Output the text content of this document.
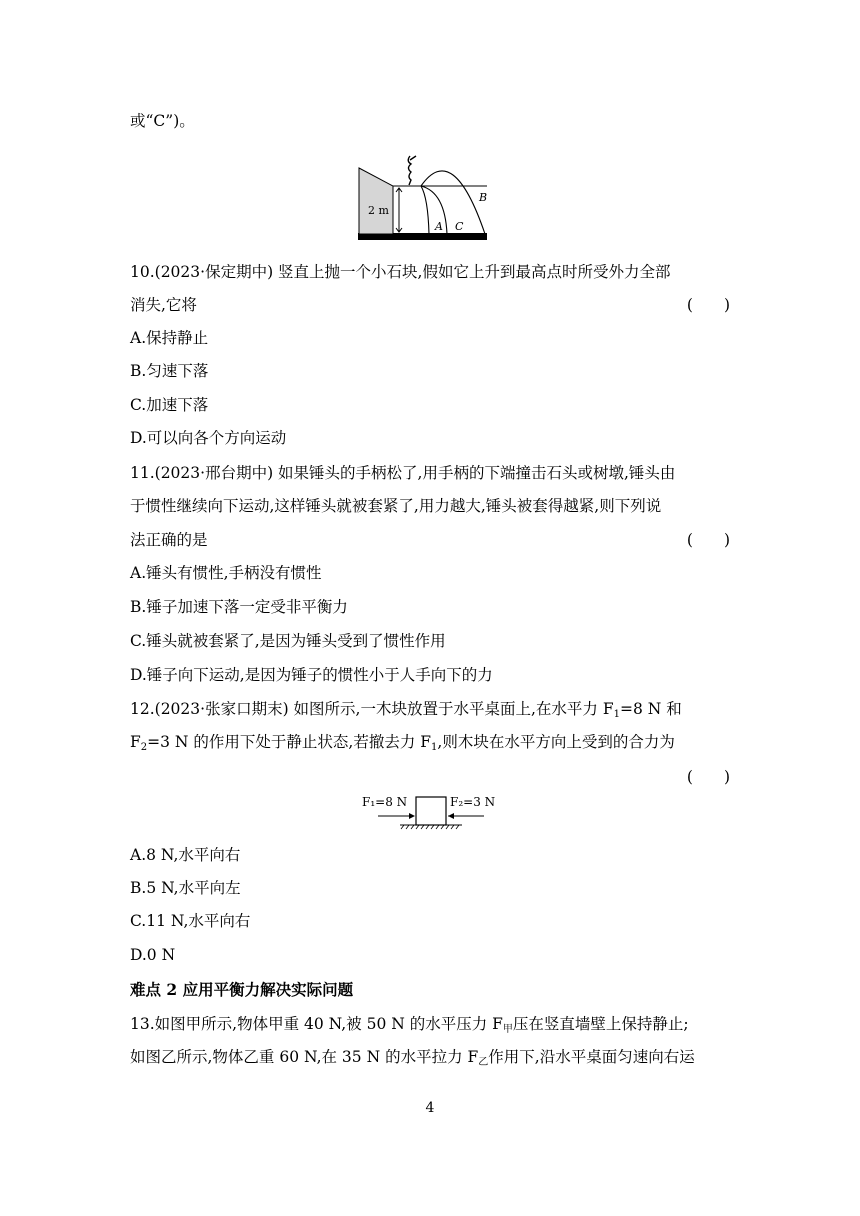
或“C”)。
2 m
A C
B
10.(2023·保定期中) 竖直上抛一个小石块,假如它上升到最高点时所受外力全部
消失,它将	(　　)
A.保持静止
B.匀速下落
C.加速下落
D.可以向各个方向运动
11.(2023·邢台期中) 如果锤头的手柄松了,用手柄的下端撞击石头或树墩,锤头由
于惯性继续向下运动,这样锤头就被套紧了,用力越大,锤头被套得越紧,则下列说
法正确的是	(　　)
A.锤头有惯性,手柄没有惯性
B.锤子加速下落一定受非平衡力
C.锤头就被套紧了,是因为锤头受到了惯性作用
D.锤子向下运动,是因为锤子的惯性小于人手向下的力
12.(2023·张家口期末) 如图所示,一木块放置于水平桌面上,在水平力 $F_1=8$ N 和
$F_2=3$ N 的作用下处于静止状态,若撤去力 $F_1$,则木块在水平方向上受到的合力为
(　　)
F₁=8 N	F₂=3 N
A.8 N,水平向右
B.5 N,水平向左
C.11 N,水平向右
D.0 N
难点 2 应用平衡力解决实际问题
13.如图甲所示,物体甲重 40 N,被 50 N 的水平压力 $F_甲$压在竖直墙壁上保持静止;
如图乙所示,物体乙重 60 N,在 35 N 的水平拉力 $F_乙$作用下,沿水平桌面匀速向右运
4
